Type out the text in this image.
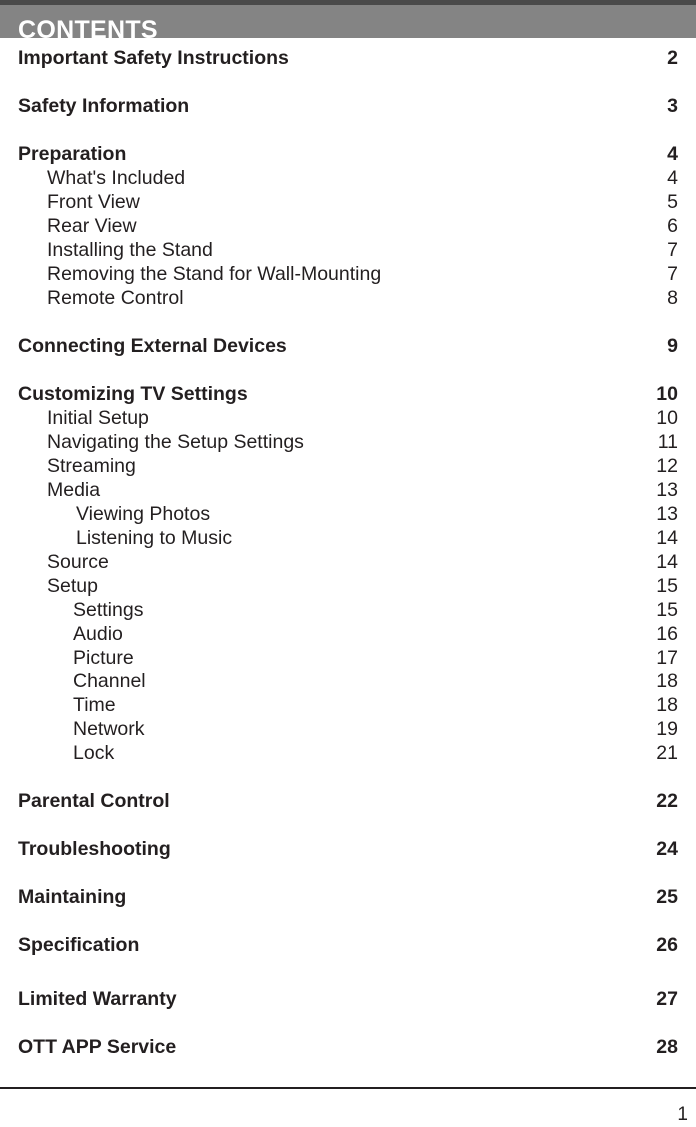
CONTENTS
Important Safety Instructions	2
Safety Information	3
Preparation	4
What's Included	4
Front View	5
Rear View	6
Installing the Stand	7
Removing the Stand for Wall-Mounting	7
Remote Control	8
Connecting External Devices	9
Customizing TV Settings	10
Initial Setup	10
Navigating the Setup Settings	11
Streaming	12
Media	13
Viewing Photos	13
Listening to Music	14
Source	14
Setup	15
Settings	15
Audio	16
Picture	17
Channel	18
Time	18
Network	19
Lock	21
Parental Control	22
Troubleshooting	24
Maintaining	25
Specification	26
Limited Warranty	27
OTT APP Service	28
1
